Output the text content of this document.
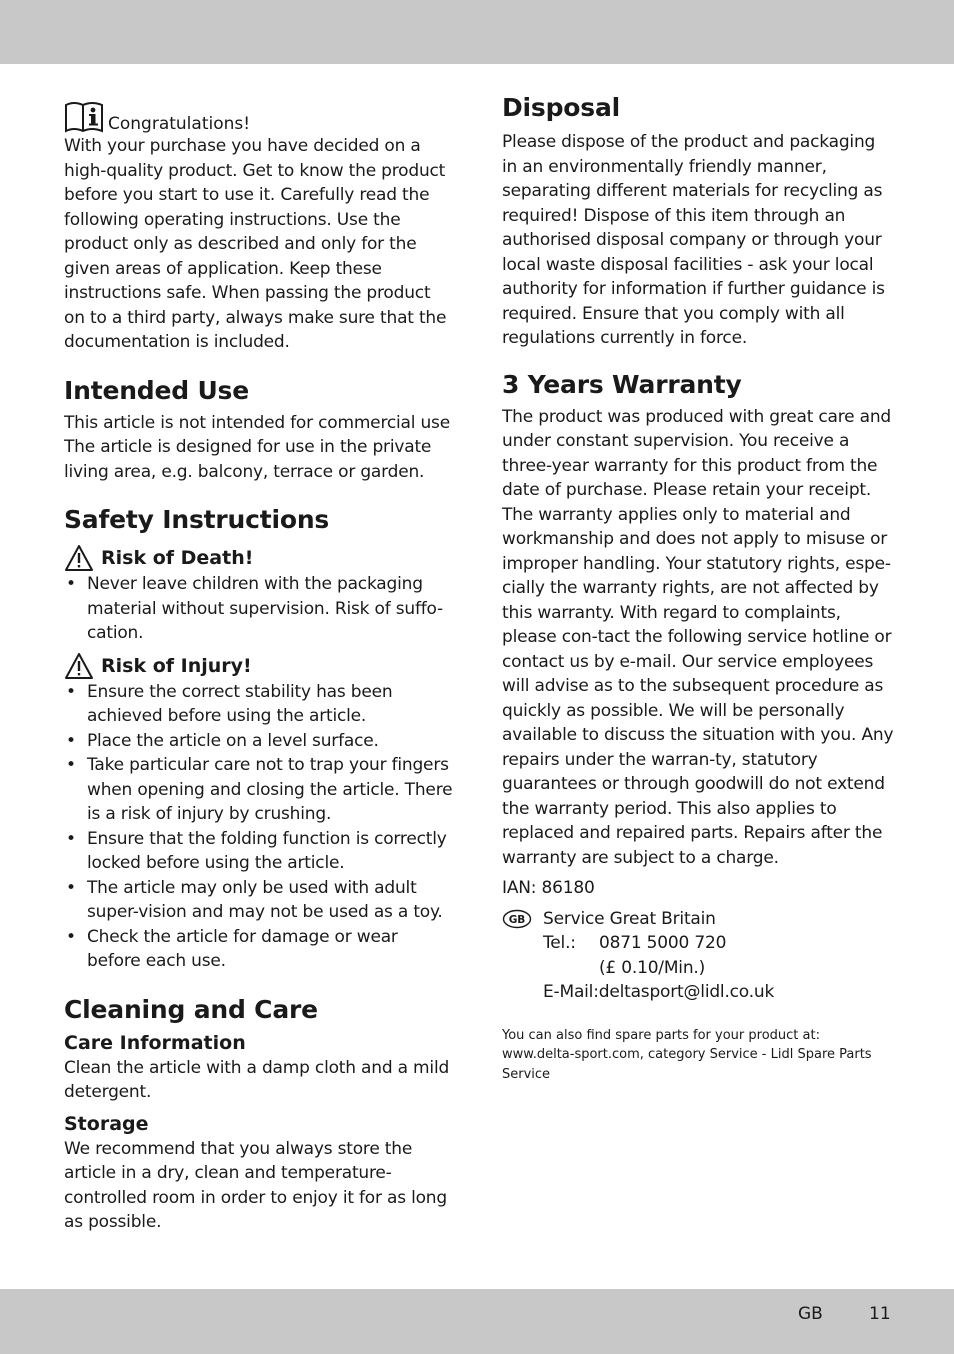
Congratulations!

With your purchase you have decided on a high-quality product. Get to know the product before you start to use it. Carefully read the following operating instructions. Use the product only as described and only for the given areas of application. Keep these instructions safe. When passing the product on to a third party, always make sure that the documentation is included.

Intended Use

This article is not intended for commercial use The article is designed for use in the private living area, e.g. balcony, terrace or garden.

Safety Instructions
Risk of Death!
• Never leave children with the packaging material without supervision. Risk of suffo-cation.
Risk of Injury!
• Ensure the correct stability has been achieved before using the article.
• Place the article on a level surface.
• Take particular care not to trap your fingers when opening and closing the article. There is a risk of injury by crushing.
• Ensure that the folding function is correctly locked before using the article.
• The article may only be used with adult super-vision and may not be used as a toy.
• Check the article for damage or wear before each use.
Cleaning and Care
Care Information

Clean the article with a damp cloth and a mild detergent.

Storage

We recommend that you always store the article in a dry, clean and temperature-controlled room in order to enjoy it for as long as possible.

Disposal

Please dispose of the product and packaging in an environmentally friendly manner, separating different materials for recycling as required! Dispose of this item through an authorised disposal company or through your local waste disposal facilities - ask your local authority for information if further guidance is required. Ensure that you comply with all regulations currently in force.

3 Years Warranty

The product was produced with great care and under constant supervision. You receive a three-year warranty for this product from the date of purchase. Please retain your receipt.

The warranty applies only to material and workmanship and does not apply to misuse or improper handling. Your statutory rights, espe-cially the warranty rights, are not affected by this warranty. With regard to complaints, please con-tact the following service hotline or contact us by e-mail. Our service employees will advise as to the subsequent procedure as quickly as possible. We will be personally available to discuss the situation with you. Any repairs under the warran-ty, statutory guarantees or through goodwill do not extend the warranty period. This also applies to replaced and repaired parts. Repairs after the warranty are subject to a charge.

IAN: 86180

GB Service Great Britain

Tel.:	0871 5000 720

(£ 0.10/Min.)

E-Mail:deltasport@lidl.co.uk

You can also find spare parts for your product at: www.delta-sport.com, category Service - Lidl Spare Parts Service

GB	11
